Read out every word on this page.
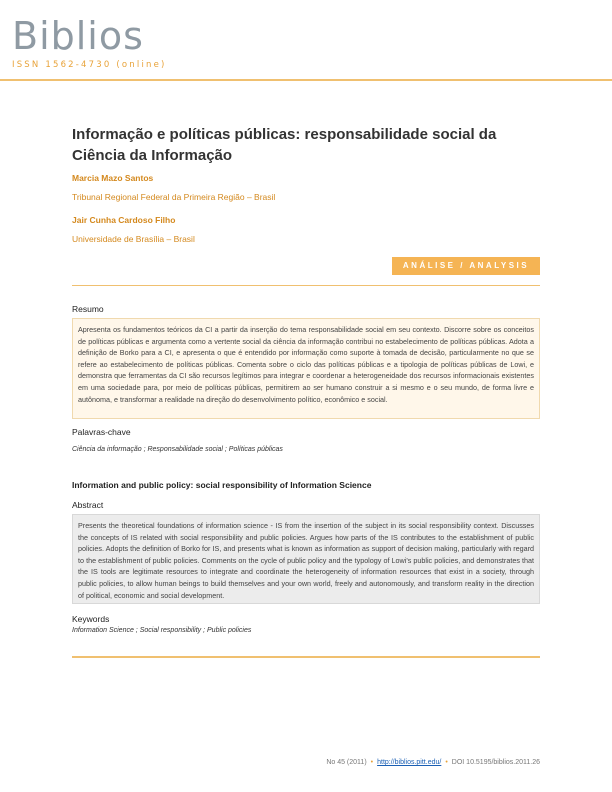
Biblios
ISSN 1562-4730 (online)
Informação e políticas públicas: responsabilidade social da Ciência da Informação
Marcia Mazo Santos
Tribunal Regional Federal da Primeira Região – Brasil
Jair Cunha Cardoso Filho
Universidade de Brasília – Brasil
ANÁLISE / ANALYSIS
Resumo

Apresenta os fundamentos teóricos da CI a partir da inserção do tema responsabilidade social em seu contexto. Discorre sobre os conceitos de políticas públicas e argumenta como a vertente social da ciência da informação contribui no estabelecimento de políticas públicas. Adota a definição de Borko para a CI, e apresenta o que é entendido por informação como suporte à tomada de decisão, particularmente no que se refere ao estabelecimento de políticas públicas. Comenta sobre o ciclo das políticas públicas e a tipologia de políticas públicas de Lowi, e demonstra que ferramentas da CI são recursos legítimos para integrar e coordenar a heterogeneidade dos recursos informacionais existentes em uma sociedade para, por meio de políticas públicas, permitirem ao ser humano construir a si mesmo e o seu mundo, de forma livre e autônoma, e transformar a realidade na direção do desenvolvimento político, econômico e social.

Palavras-chave
Ciência da informação ; Responsabilidade social ; Políticas públicas
Information and public policy: social responsibility of Information Science
Abstract

Presents the theoretical foundations of information science - IS from the insertion of the subject in its social responsibility context. Discusses the concepts of IS related with social responsibility and public policies. Argues how parts of the IS contributes to the establishment of public policies. Adopts the definition of Borko for IS, and presents what is known as information as support of decision making, particularly with regard to the establishment of public policies. Comments on the cycle of public policy and the typology of Lowi's public policies, and demonstrates that the IS tools are legitimate resources to integrate and coordinate the heterogeneity of information resources that exist in a society, through public policies, to allow human beings to build themselves and your own world, freely and autonomously, and transform reality in the direction of political, economic and social development.

Keywords
Information Science ; Social responsibility ; Public policies
No 45 (2011) • http://biblios.pitt.edu/ • DOI 10.5195/biblios.2011.26
